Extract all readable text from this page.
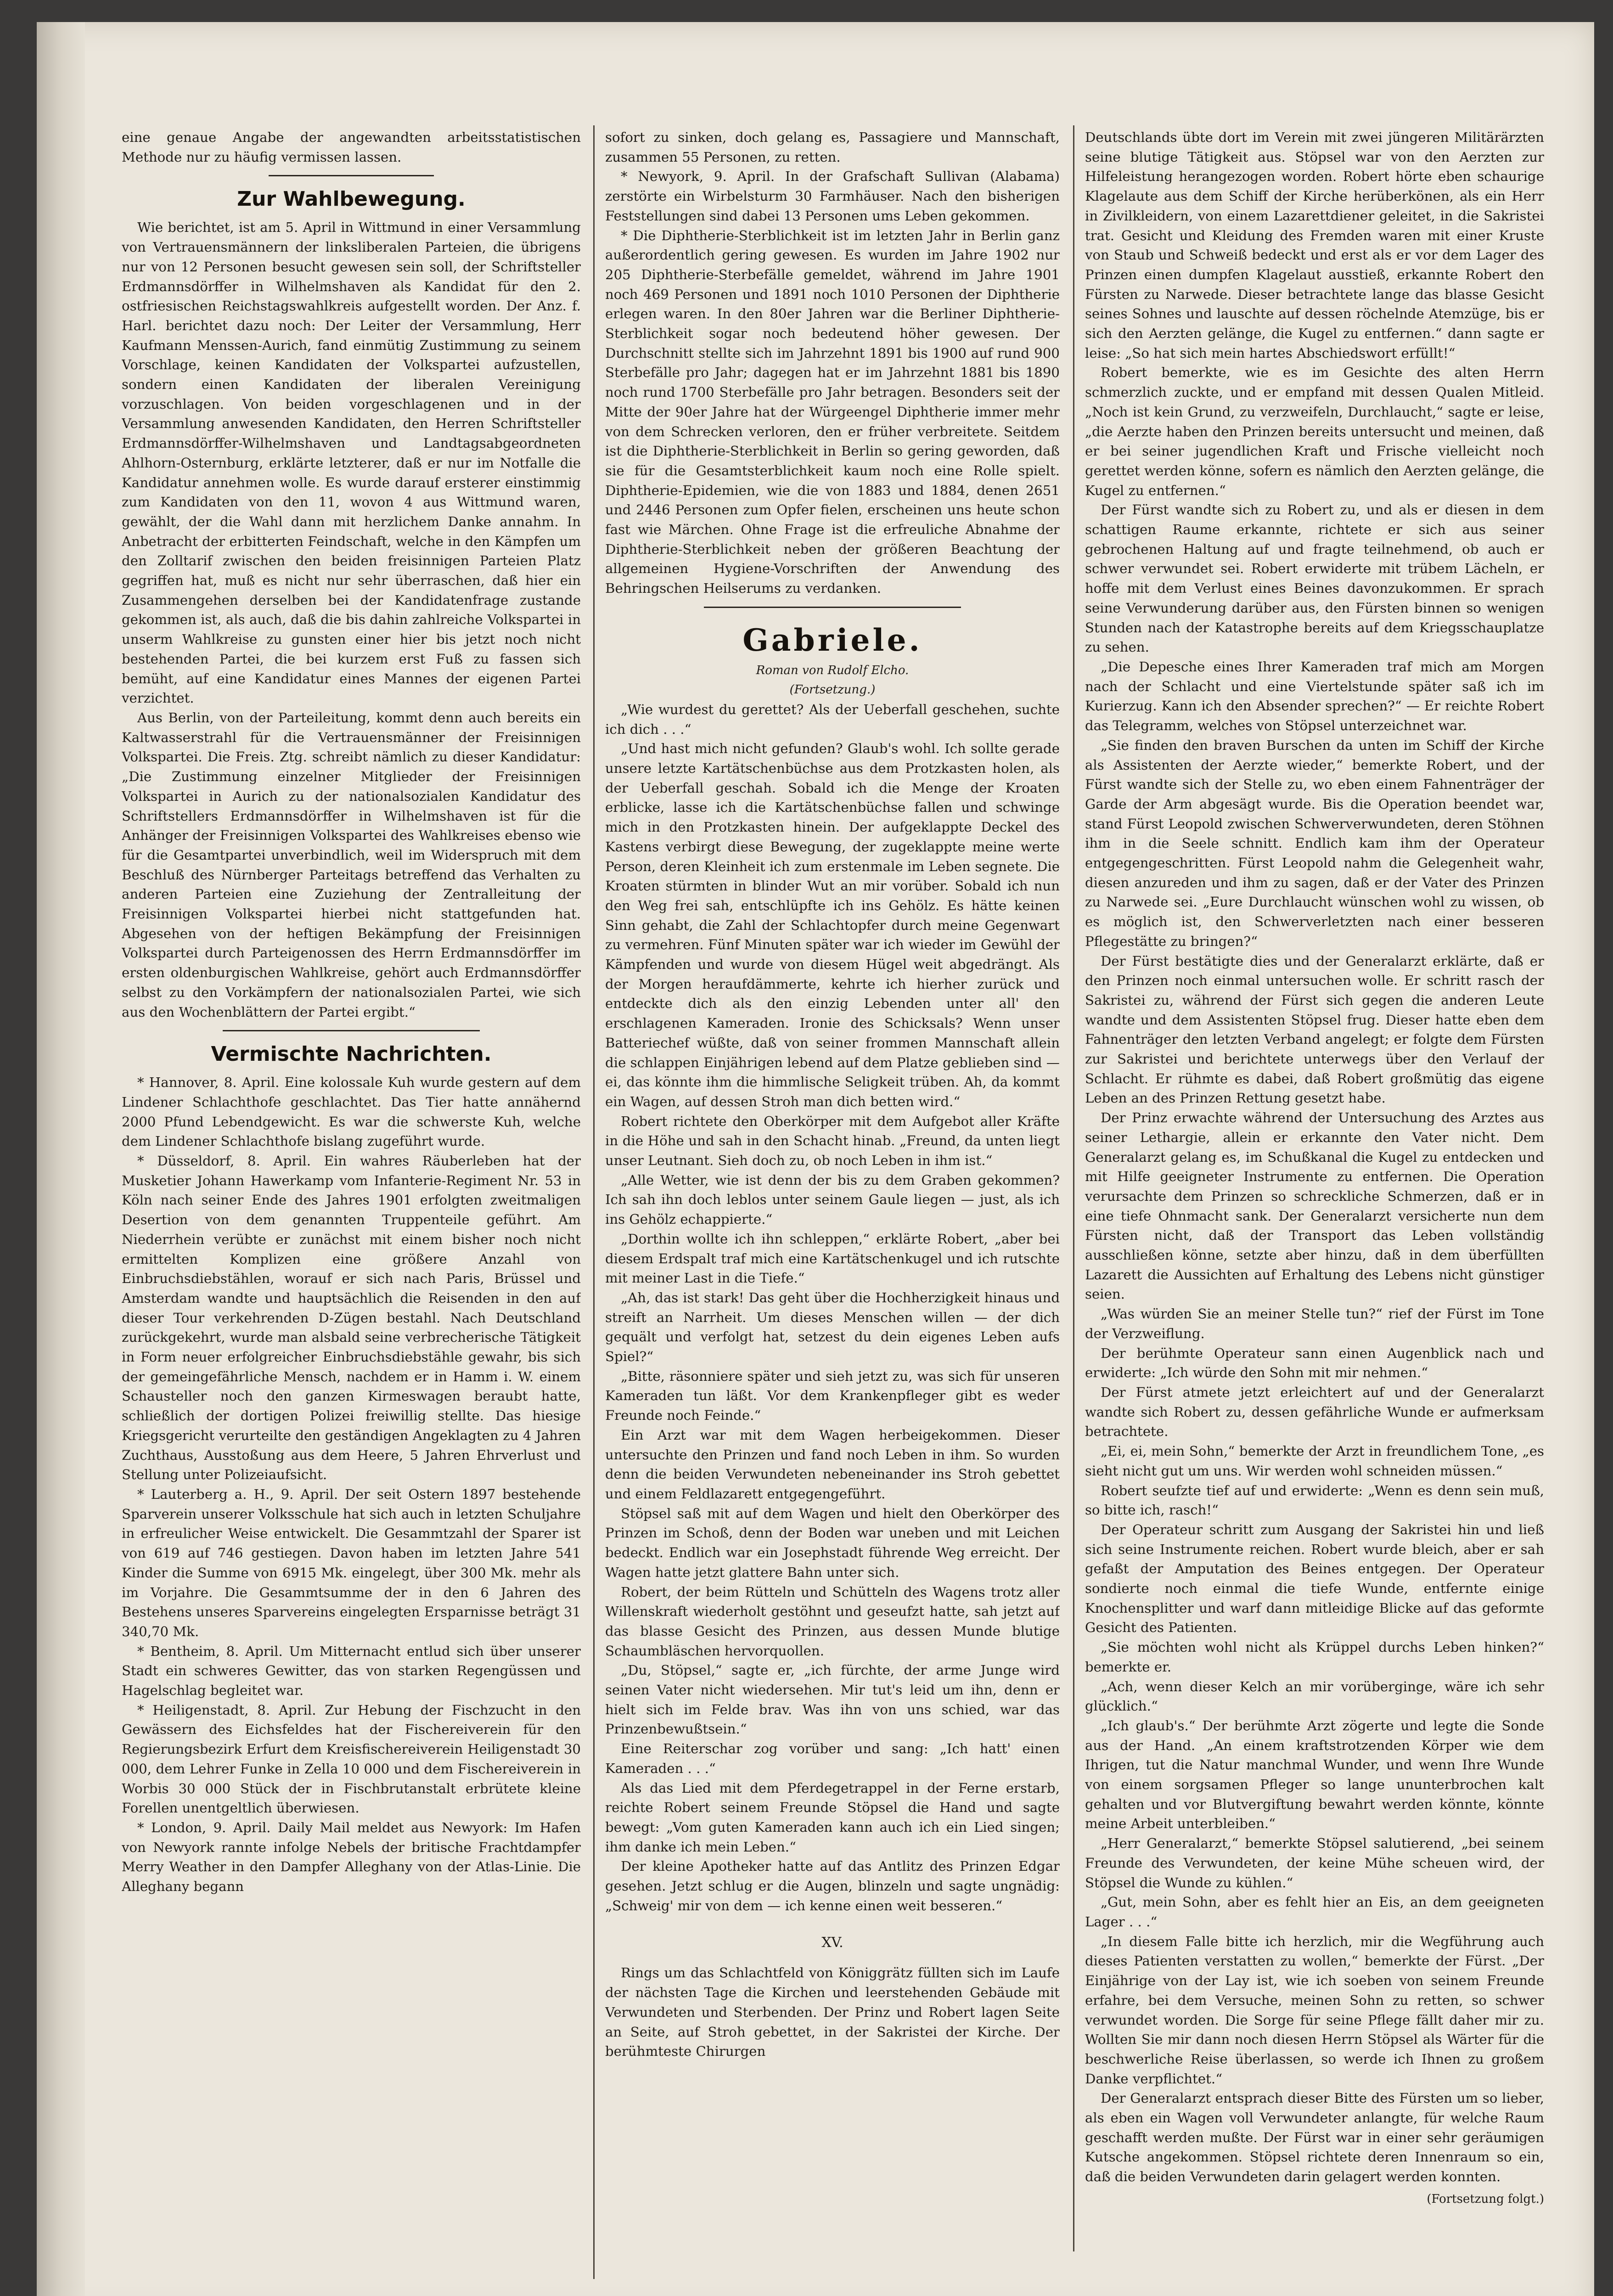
eine genaue Angabe der angewandten arbeitsstatistischen Methode nur zu häufig vermissen lassen.

Zur Wahlbewegung.

Wie berichtet, ist am 5. April in Wittmund in einer Versammlung von Vertrauensmännern der linksliberalen Parteien, die übrigens nur von 12 Personen besucht gewesen sein soll, der Schriftsteller Erdmannsdörffer in Wilhelmshaven als Kandidat für den 2. ostfriesischen Reichstagswahlkreis aufgestellt worden. Der Anz. f. Harl. berichtet dazu noch: Der Leiter der Versammlung, Herr Kaufmann Menssen-Aurich, fand einmütig Zustimmung zu seinem Vorschlage, keinen Kandidaten der Volkspartei aufzustellen, sondern einen Kandidaten der liberalen Vereinigung vorzuschlagen. Von beiden vorgeschlagenen und in der Versammlung anwesenden Kandidaten, den Herren Schriftsteller Erdmannsdörffer-Wilhelmshaven und Landtagsabgeordneten Ahlhorn-Osternburg, erklärte letzterer, daß er nur im Notfalle die Kandidatur annehmen wolle. Es wurde darauf ersterer einstimmig zum Kandidaten von den 11, wovon 4 aus Wittmund waren, gewählt, der die Wahl dann mit herzlichem Danke annahm. In Anbetracht der erbitterten Feindschaft, welche in den Kämpfen um den Zolltarif zwischen den beiden freisinnigen Parteien Platz gegriffen hat, muß es nicht nur sehr überraschen, daß hier ein Zusammengehen derselben bei der Kandidatenfrage zustande gekommen ist, als auch, daß die bis dahin zahlreiche Volkspartei in unserm Wahlkreise zu gunsten einer hier bis jetzt noch nicht bestehenden Partei, die bei kurzem erst Fuß zu fassen sich bemüht, auf eine Kandidatur eines Mannes der eigenen Partei verzichtet.

Aus Berlin, von der Parteileitung, kommt denn auch bereits ein Kaltwasserstrahl für die Vertrauensmänner der Freisinnigen Volkspartei. Die Freis. Ztg. schreibt nämlich zu dieser Kandidatur: „Die Zustimmung einzelner Mitglieder der Freisinnigen Volkspartei in Aurich zu der nationalsozialen Kandidatur des Schriftstellers Erdmannsdörffer in Wilhelmshaven ist für die Anhänger der Freisinnigen Volkspartei des Wahlkreises ebenso wie für die Gesamtpartei unverbindlich, weil im Widerspruch mit dem Beschluß des Nürnberger Parteitags betreffend das Verhalten zu anderen Parteien eine Zuziehung der Zentralleitung der Freisinnigen Volkspartei hierbei nicht stattgefunden hat. Abgesehen von der heftigen Bekämpfung der Freisinnigen Volkspartei durch Parteigenossen des Herrn Erdmannsdörffer im ersten oldenburgischen Wahlkreise, gehört auch Erdmannsdörffer selbst zu den Vorkämpfern der nationalsozialen Partei, wie sich aus den Wochenblättern der Partei ergibt.“

Vermischte Nachrichten.

* Hannover, 8. April. Eine kolossale Kuh wurde gestern auf dem Lindener Schlachthofe geschlachtet. Das Tier hatte annähernd 2000 Pfund Lebendgewicht. Es war die schwerste Kuh, welche dem Lindener Schlachthofe bislang zugeführt wurde.

* Düsseldorf, 8. April. Ein wahres Räuberleben hat der Musketier Johann Hawerkamp vom Infanterie-Regiment Nr. 53 in Köln nach seiner Ende des Jahres 1901 erfolgten zweitmaligen Desertion von dem genannten Truppenteile geführt. Am Niederrhein verübte er zunächst mit einem bisher noch nicht ermittelten Komplizen eine größere Anzahl von Einbruchsdiebstählen, worauf er sich nach Paris, Brüssel und Amsterdam wandte und hauptsächlich die Reisenden in den auf dieser Tour verkehrenden D-Zügen bestahl. Nach Deutschland zurückgekehrt, wurde man alsbald seine verbrecherische Tätigkeit in Form neuer erfolgreicher Einbruchsdiebstähle gewahr, bis sich der gemeingefährliche Mensch, nachdem er in Hamm i. W. einem Schausteller noch den ganzen Kirmeswagen beraubt hatte, schließlich der dortigen Polizei freiwillig stellte. Das hiesige Kriegsgericht verurteilte den geständigen Angeklagten zu 4 Jahren Zuchthaus, Ausstoßung aus dem Heere, 5 Jahren Ehrverlust und Stellung unter Polizeiaufsicht.

* Lauterberg a. H., 9. April. Der seit Ostern 1897 bestehende Sparverein unserer Volksschule hat sich auch in letzten Schuljahre in erfreulicher Weise entwickelt. Die Gesammtzahl der Sparer ist von 619 auf 746 gestiegen. Davon haben im letzten Jahre 541 Kinder die Summe von 6915 Mk. eingelegt, über 300 Mk. mehr als im Vorjahre. Die Gesammtsumme der in den 6 Jahren des Bestehens unseres Sparvereins eingelegten Ersparnisse beträgt 31 340,70 Mk.

* Bentheim, 8. April. Um Mitternacht entlud sich über unserer Stadt ein schweres Gewitter, das von starken Regengüssen und Hagelschlag begleitet war.

* Heiligenstadt, 8. April. Zur Hebung der Fischzucht in den Gewässern des Eichsfeldes hat der Fischereiverein für den Regierungsbezirk Erfurt dem Kreisfischereiverein Heiligenstadt 30 000, dem Lehrer Funke in Zella 10 000 und dem Fischereiverein in Worbis 30 000 Stück der in Fischbrutanstalt erbrütete kleine Forellen unentgeltlich überwiesen.

* London, 9. April. Daily Mail meldet aus Newyork: Im Hafen von Newyork rannte infolge Nebels der britische Frachtdampfer Merry Weather in den Dampfer Alleghany von der Atlas-Linie. Die Alleghany begann

sofort zu sinken, doch gelang es, Passagiere und Mannschaft, zusammen 55 Personen, zu retten.

* Newyork, 9. April. In der Grafschaft Sullivan (Alabama) zerstörte ein Wirbelsturm 30 Farmhäuser. Nach den bisherigen Feststellungen sind dabei 13 Personen ums Leben gekommen.

* Die Diphtherie-Sterblichkeit ist im letzten Jahr in Berlin ganz außerordentlich gering gewesen. Es wurden im Jahre 1902 nur 205 Diphtherie-Sterbefälle gemeldet, während im Jahre 1901 noch 469 Personen und 1891 noch 1010 Personen der Diphtherie erlegen waren. In den 80er Jahren war die Berliner Diphtherie-Sterblichkeit sogar noch bedeutend höher gewesen. Der Durchschnitt stellte sich im Jahrzehnt 1891 bis 1900 auf rund 900 Sterbefälle pro Jahr; dagegen hat er im Jahrzehnt 1881 bis 1890 noch rund 1700 Sterbefälle pro Jahr betragen. Besonders seit der Mitte der 90er Jahre hat der Würgeengel Diphtherie immer mehr von dem Schrecken verloren, den er früher verbreitete. Seitdem ist die Diphtherie-Sterblichkeit in Berlin so gering geworden, daß sie für die Gesamtsterblichkeit kaum noch eine Rolle spielt. Diphtherie-Epidemien, wie die von 1883 und 1884, denen 2651 und 2446 Personen zum Opfer fielen, erscheinen uns heute schon fast wie Märchen. Ohne Frage ist die erfreuliche Abnahme der Diphtherie-Sterblichkeit neben der größeren Beachtung der allgemeinen Hygiene-Vorschriften der Anwendung des Behringschen Heilserums zu verdanken.

Gabriele.
Roman von Rudolf Elcho.
(Fortsetzung.)

„Wie wurdest du gerettet? Als der Ueberfall geschehen, suchte ich dich . . .“

„Und hast mich nicht gefunden? Glaub's wohl. Ich sollte gerade unsere letzte Kartätschenbüchse aus dem Protzkasten holen, als der Ueberfall geschah. Sobald ich die Menge der Kroaten erblicke, lasse ich die Kartätschenbüchse fallen und schwinge mich in den Protzkasten hinein. Der aufgeklappte Deckel des Kastens verbirgt diese Bewegung, der zugeklappte meine werte Person, deren Kleinheit ich zum erstenmale im Leben segnete. Die Kroaten stürmten in blinder Wut an mir vorüber. Sobald ich nun den Weg frei sah, entschlüpfte ich ins Gehölz. Es hätte keinen Sinn gehabt, die Zahl der Schlachtopfer durch meine Gegenwart zu vermehren. Fünf Minuten später war ich wieder im Gewühl der Kämpfenden und wurde von diesem Hügel weit abgedrängt. Als der Morgen heraufdämmerte, kehrte ich hierher zurück und entdeckte dich als den einzig Lebenden unter all' den erschlagenen Kameraden. Ironie des Schicksals? Wenn unser Batteriechef wüßte, daß von seiner frommen Mannschaft allein die schlappen Einjährigen lebend auf dem Platze geblieben sind — ei, das könnte ihm die himmlische Seligkeit trüben. Ah, da kommt ein Wagen, auf dessen Stroh man dich betten wird.“

Robert richtete den Oberkörper mit dem Aufgebot aller Kräfte in die Höhe und sah in den Schacht hinab. „Freund, da unten liegt unser Leutnant. Sieh doch zu, ob noch Leben in ihm ist.“

„Alle Wetter, wie ist denn der bis zu dem Graben gekommen? Ich sah ihn doch leblos unter seinem Gaule liegen — just, als ich ins Gehölz echappierte.“

„Dorthin wollte ich ihn schleppen,“ erklärte Robert, „aber bei diesem Erdspalt traf mich eine Kartätschenkugel und ich rutschte mit meiner Last in die Tiefe.“

„Ah, das ist stark! Das geht über die Hochherzigkeit hinaus und streift an Narrheit. Um dieses Menschen willen — der dich gequält und verfolgt hat, setzest du dein eigenes Leben aufs Spiel?“

„Bitte, räsonniere später und sieh jetzt zu, was sich für unseren Kameraden tun läßt. Vor dem Krankenpfleger gibt es weder Freunde noch Feinde.“

Ein Arzt war mit dem Wagen herbeigekommen. Dieser untersuchte den Prinzen und fand noch Leben in ihm. So wurden denn die beiden Verwundeten nebeneinander ins Stroh gebettet und einem Feldlazarett entgegengeführt.

Stöpsel saß mit auf dem Wagen und hielt den Oberkörper des Prinzen im Schoß, denn der Boden war uneben und mit Leichen bedeckt. Endlich war ein Josephstadt führende Weg erreicht. Der Wagen hatte jetzt glattere Bahn unter sich.

Robert, der beim Rütteln und Schütteln des Wagens trotz aller Willenskraft wiederholt gestöhnt und geseufzt hatte, sah jetzt auf das blasse Gesicht des Prinzen, aus dessen Munde blutige Schaumbläschen hervorquollen.

„Du, Stöpsel,“ sagte er, „ich fürchte, der arme Junge wird seinen Vater nicht wiedersehen. Mir tut's leid um ihn, denn er hielt sich im Felde brav. Was ihn von uns schied, war das Prinzenbewußtsein.“

Eine Reiterschar zog vorüber und sang: „Ich hatt' einen Kameraden . . .“

Als das Lied mit dem Pferdegetrappel in der Ferne erstarb, reichte Robert seinem Freunde Stöpsel die Hand und sagte bewegt: „Vom guten Kameraden kann auch ich ein Lied singen; ihm danke ich mein Leben.“

Der kleine Apotheker hatte auf das Antlitz des Prinzen Edgar gesehen. Jetzt schlug er die Augen, blinzeln und sagte ungnädig: „Schweig' mir von dem — ich kenne einen weit besseren.“

XV.

Rings um das Schlachtfeld von Königgrätz füllten sich im Laufe der nächsten Tage die Kirchen und leerstehenden Gebäude mit Verwundeten und Sterbenden. Der Prinz und Robert lagen Seite an Seite, auf Stroh gebettet, in der Sakristei der Kirche. Der berühmteste Chirurgen

Deutschlands übte dort im Verein mit zwei jüngeren Militärärzten seine blutige Tätigkeit aus. Stöpsel war von den Aerzten zur Hilfeleistung herangezogen worden. Robert hörte eben schaurige Klagelaute aus dem Schiff der Kirche herüberkönen, als ein Herr in Zivilkleidern, von einem Lazarettdiener geleitet, in die Sakristei trat. Gesicht und Kleidung des Fremden waren mit einer Kruste von Staub und Schweiß bedeckt und erst als er vor dem Lager des Prinzen einen dumpfen Klagelaut ausstieß, erkannte Robert den Fürsten zu Narwede. Dieser betrachtete lange das blasse Gesicht seines Sohnes und lauschte auf dessen röchelnde Atemzüge, bis er sich den Aerzten gelänge, die Kugel zu entfernen.“ dann sagte er leise: „So hat sich mein hartes Abschiedswort erfüllt!“

Robert bemerkte, wie es im Gesichte des alten Herrn schmerzlich zuckte, und er empfand mit dessen Qualen Mitleid. „Noch ist kein Grund, zu verzweifeln, Durchlaucht,“ sagte er leise, „die Aerzte haben den Prinzen bereits untersucht und meinen, daß er bei seiner jugendlichen Kraft und Frische vielleicht noch gerettet werden könne, sofern es nämlich den Aerzten gelänge, die Kugel zu entfernen.“

Der Fürst wandte sich zu Robert zu, und als er diesen in dem schattigen Raume erkannte, richtete er sich aus seiner gebrochenen Haltung auf und fragte teilnehmend, ob auch er schwer verwundet sei. Robert erwiderte mit trübem Lächeln, er hoffe mit dem Verlust eines Beines davonzukommen. Er sprach seine Verwunderung darüber aus, den Fürsten binnen so wenigen Stunden nach der Katastrophe bereits auf dem Kriegsschauplatze zu sehen.

„Die Depesche eines Ihrer Kameraden traf mich am Morgen nach der Schlacht und eine Viertelstunde später saß ich im Kurierzug. Kann ich den Absender sprechen?“ — Er reichte Robert das Telegramm, welches von Stöpsel unterzeichnet war.

„Sie finden den braven Burschen da unten im Schiff der Kirche als Assistenten der Aerzte wieder,“ bemerkte Robert, und der Fürst wandte sich der Stelle zu, wo eben einem Fahnenträger der Garde der Arm abgesägt wurde. Bis die Operation beendet war, stand Fürst Leopold zwischen Schwerverwundeten, deren Stöhnen ihm in die Seele schnitt. Endlich kam ihm der Operateur entgegengeschritten. Fürst Leopold nahm die Gelegenheit wahr, diesen anzureden und ihm zu sagen, daß er der Vater des Prinzen zu Narwede sei. „Eure Durchlaucht wünschen wohl zu wissen, ob es möglich ist, den Schwerverletzten nach einer besseren Pflegestätte zu bringen?“

Der Fürst bestätigte dies und der Generalarzt erklärte, daß er den Prinzen noch einmal untersuchen wolle. Er schritt rasch der Sakristei zu, während der Fürst sich gegen die anderen Leute wandte und dem Assistenten Stöpsel frug. Dieser hatte eben dem Fahnenträger den letzten Verband angelegt; er folgte dem Fürsten zur Sakristei und berichtete unterwegs über den Verlauf der Schlacht. Er rühmte es dabei, daß Robert großmütig das eigene Leben an des Prinzen Rettung gesetzt habe.

Der Prinz erwachte während der Untersuchung des Arztes aus seiner Lethargie, allein er erkannte den Vater nicht. Dem Generalarzt gelang es, im Schußkanal die Kugel zu entdecken und mit Hilfe geeigneter Instrumente zu entfernen. Die Operation verursachte dem Prinzen so schreckliche Schmerzen, daß er in eine tiefe Ohnmacht sank. Der Generalarzt versicherte nun dem Fürsten nicht, daß der Transport das Leben vollständig ausschließen könne, setzte aber hinzu, daß in dem überfüllten Lazarett die Aussichten auf Erhaltung des Lebens nicht günstiger seien.

„Was würden Sie an meiner Stelle tun?“ rief der Fürst im Tone der Verzweiflung.

Der berühmte Operateur sann einen Augenblick nach und erwiderte: „Ich würde den Sohn mit mir nehmen.“

Der Fürst atmete jetzt erleichtert auf und der Generalarzt wandte sich Robert zu, dessen gefährliche Wunde er aufmerksam betrachtete.

„Ei, ei, mein Sohn,“ bemerkte der Arzt in freundlichem Tone, „es sieht nicht gut um uns. Wir werden wohl schneiden müssen.“

Robert seufzte tief auf und erwiderte: „Wenn es denn sein muß, so bitte ich, rasch!“

Der Operateur schritt zum Ausgang der Sakristei hin und ließ sich seine Instrumente reichen. Robert wurde bleich, aber er sah gefaßt der Amputation des Beines entgegen. Der Operateur sondierte noch einmal die tiefe Wunde, entfernte einige Knochensplitter und warf dann mitleidige Blicke auf das geformte Gesicht des Patienten.

„Sie möchten wohl nicht als Krüppel durchs Leben hinken?“ bemerkte er.

„Ach, wenn dieser Kelch an mir vorüberginge, wäre ich sehr glücklich.“

„Ich glaub's.“ Der berühmte Arzt zögerte und legte die Sonde aus der Hand. „An einem kraftstrotzenden Körper wie dem Ihrigen, tut die Natur manchmal Wunder, und wenn Ihre Wunde von einem sorgsamen Pfleger so lange ununterbrochen kalt gehalten und vor Blutvergiftung bewahrt werden könnte, könnte meine Arbeit unterbleiben.“

„Herr Generalarzt,“ bemerkte Stöpsel salutierend, „bei seinem Freunde des Verwundeten, der keine Mühe scheuen wird, der Stöpsel die Wunde zu kühlen.“

„Gut, mein Sohn, aber es fehlt hier an Eis, an dem geeigneten Lager . . .“

„In diesem Falle bitte ich herzlich, mir die Wegführung auch dieses Patienten verstatten zu wollen,“ bemerkte der Fürst. „Der Einjährige von der Lay ist, wie ich soeben von seinem Freunde erfahre, bei dem Versuche, meinen Sohn zu retten, so schwer verwundet worden. Die Sorge für seine Pflege fällt daher mir zu. Wollten Sie mir dann noch diesen Herrn Stöpsel als Wärter für die beschwerliche Reise überlassen, so werde ich Ihnen zu großem Danke verpflichtet.“

Der Generalarzt entsprach dieser Bitte des Fürsten um so lieber, als eben ein Wagen voll Verwundeter anlangte, für welche Raum geschafft werden mußte. Der Fürst war in einer sehr geräumigen Kutsche angekommen. Stöpsel richtete deren Innenraum so ein, daß die beiden Verwundeten darin gelagert werden konnten.

(Fortsetzung folgt.)
